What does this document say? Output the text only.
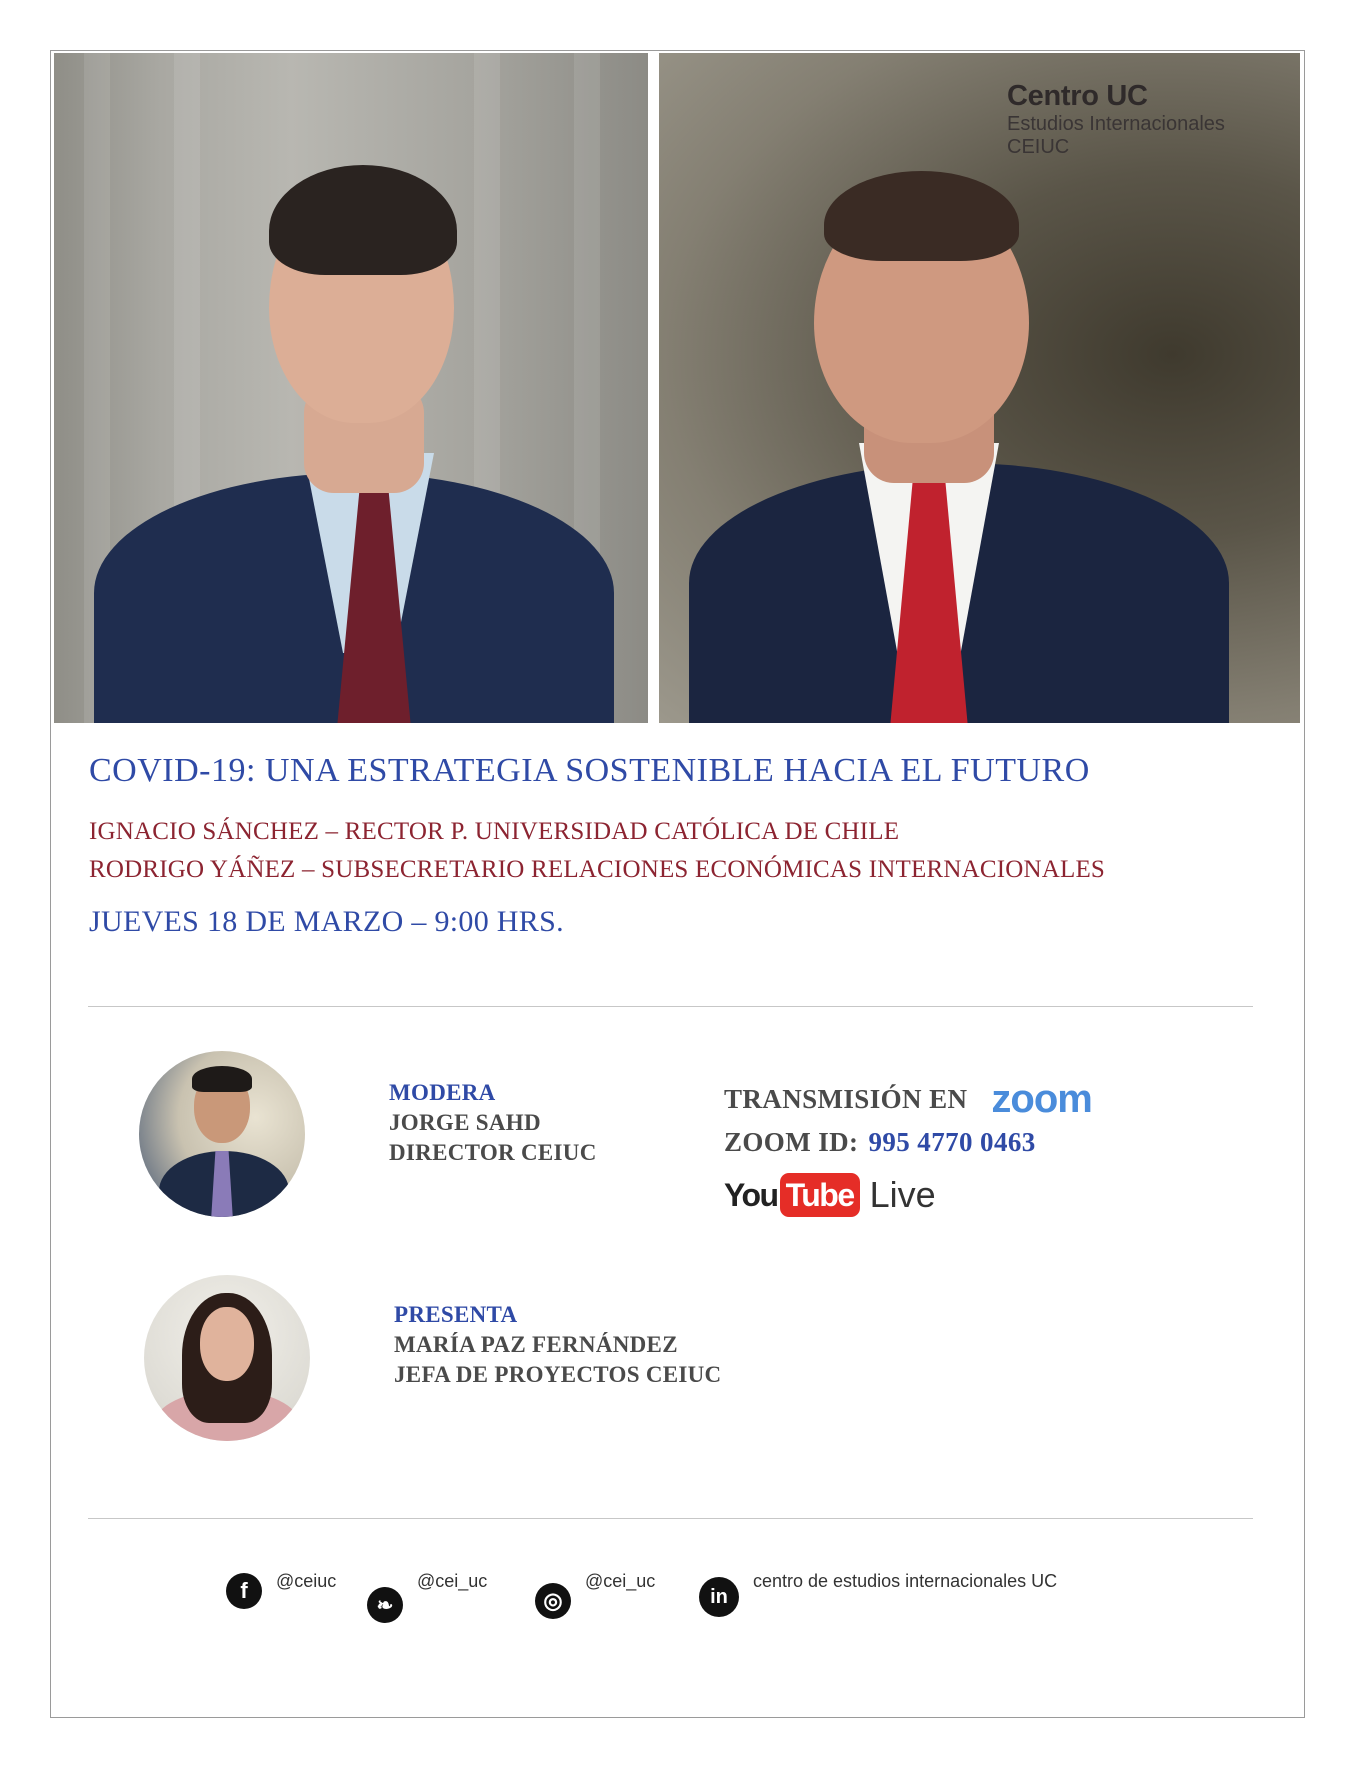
Centro UC
Estudios Internacionales
CEIUC
COVID-19: UNA ESTRATEGIA SOSTENIBLE HACIA EL FUTURO
IGNACIO SÁNCHEZ – RECTOR P. UNIVERSIDAD CATÓLICA DE CHILE
RODRIGO YÁÑEZ – SUBSECRETARIO RELACIONES ECONÓMICAS INTERNACIONALES
JUEVES 18 DE MARZO – 9:00 HRS.
MODERA
JORGE SAHD
DIRECTOR CEIUC
TRANSMISIÓN EN zoom
ZOOM ID: 995 4770 0463
You Tube Live
PRESENTA
MARÍA PAZ FERNÁNDEZ
JEFA DE PROYECTOS CEIUC
f	@ceiuc
❧
@cei_uc
◎
@cei_uc
in
centro de estudios internacionales UC
